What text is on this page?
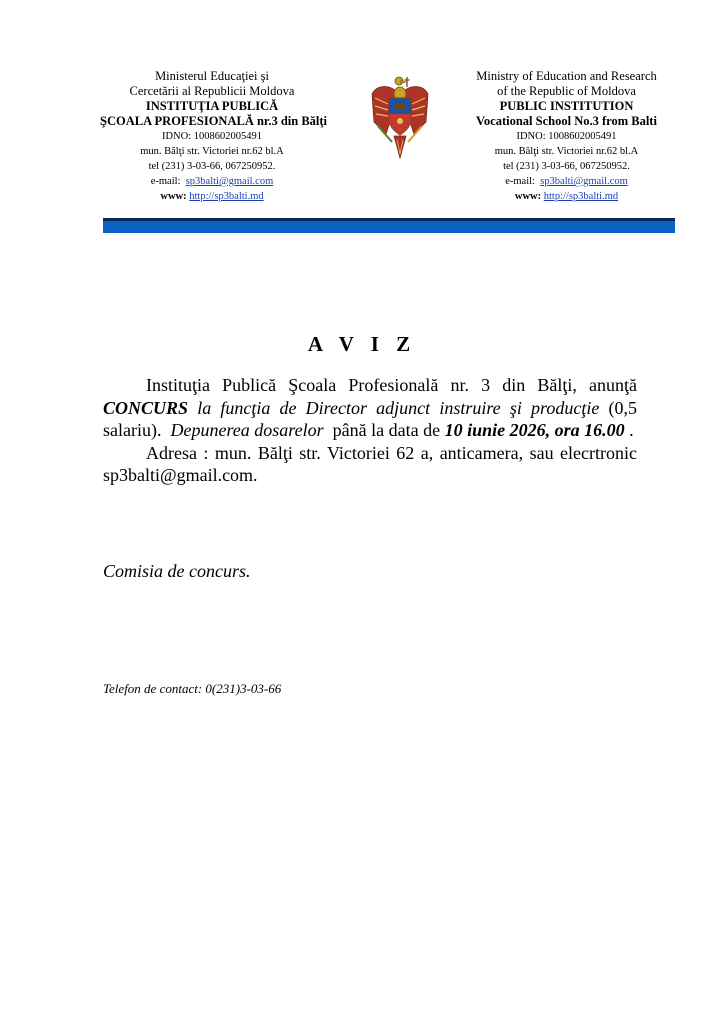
Ministerul Educaţiei şi
Cercetării al Republicii Moldova
INSTITUŢIA PUBLICĂ
ŞCOALA PROFESIONALĂ nr.3 din Bălţi
IDNO: 1008602005491
mun. Bălţi str. Victoriei nr.62 bl.A
tel (231) 3-03-66, 067250952.
e-mail: sp3balti@gmail.com
www: http://sp3balti.md
Ministry of Education and Research
of the Republic of Moldova
PUBLIC INSTITUTION
Vocational School No.3 from Balti
IDNO: 1008602005491
mun. Bălţi str. Victoriei nr.62 bl.A
tel (231) 3-03-66, 067250952.
e-mail: sp3balti@gmail.com
www: http://sp3balti.md
A V I Z

Instituţia Publică Şcoala Profesională nr. 3 din Bălţi, anunţă CONCURS la funcţia de Director adjunct instruire şi producţie (0,5 salariu). Depunerea dosarelor până la data de 10 iunie 2026, ora 16.00 .

Adresa : mun. Bălţi str. Victoriei 62 a, anticamera, sau elecrtronic sp3balti@gmail.com.

Comisia de concurs.
Telefon de contact: 0(231)3-03-66
